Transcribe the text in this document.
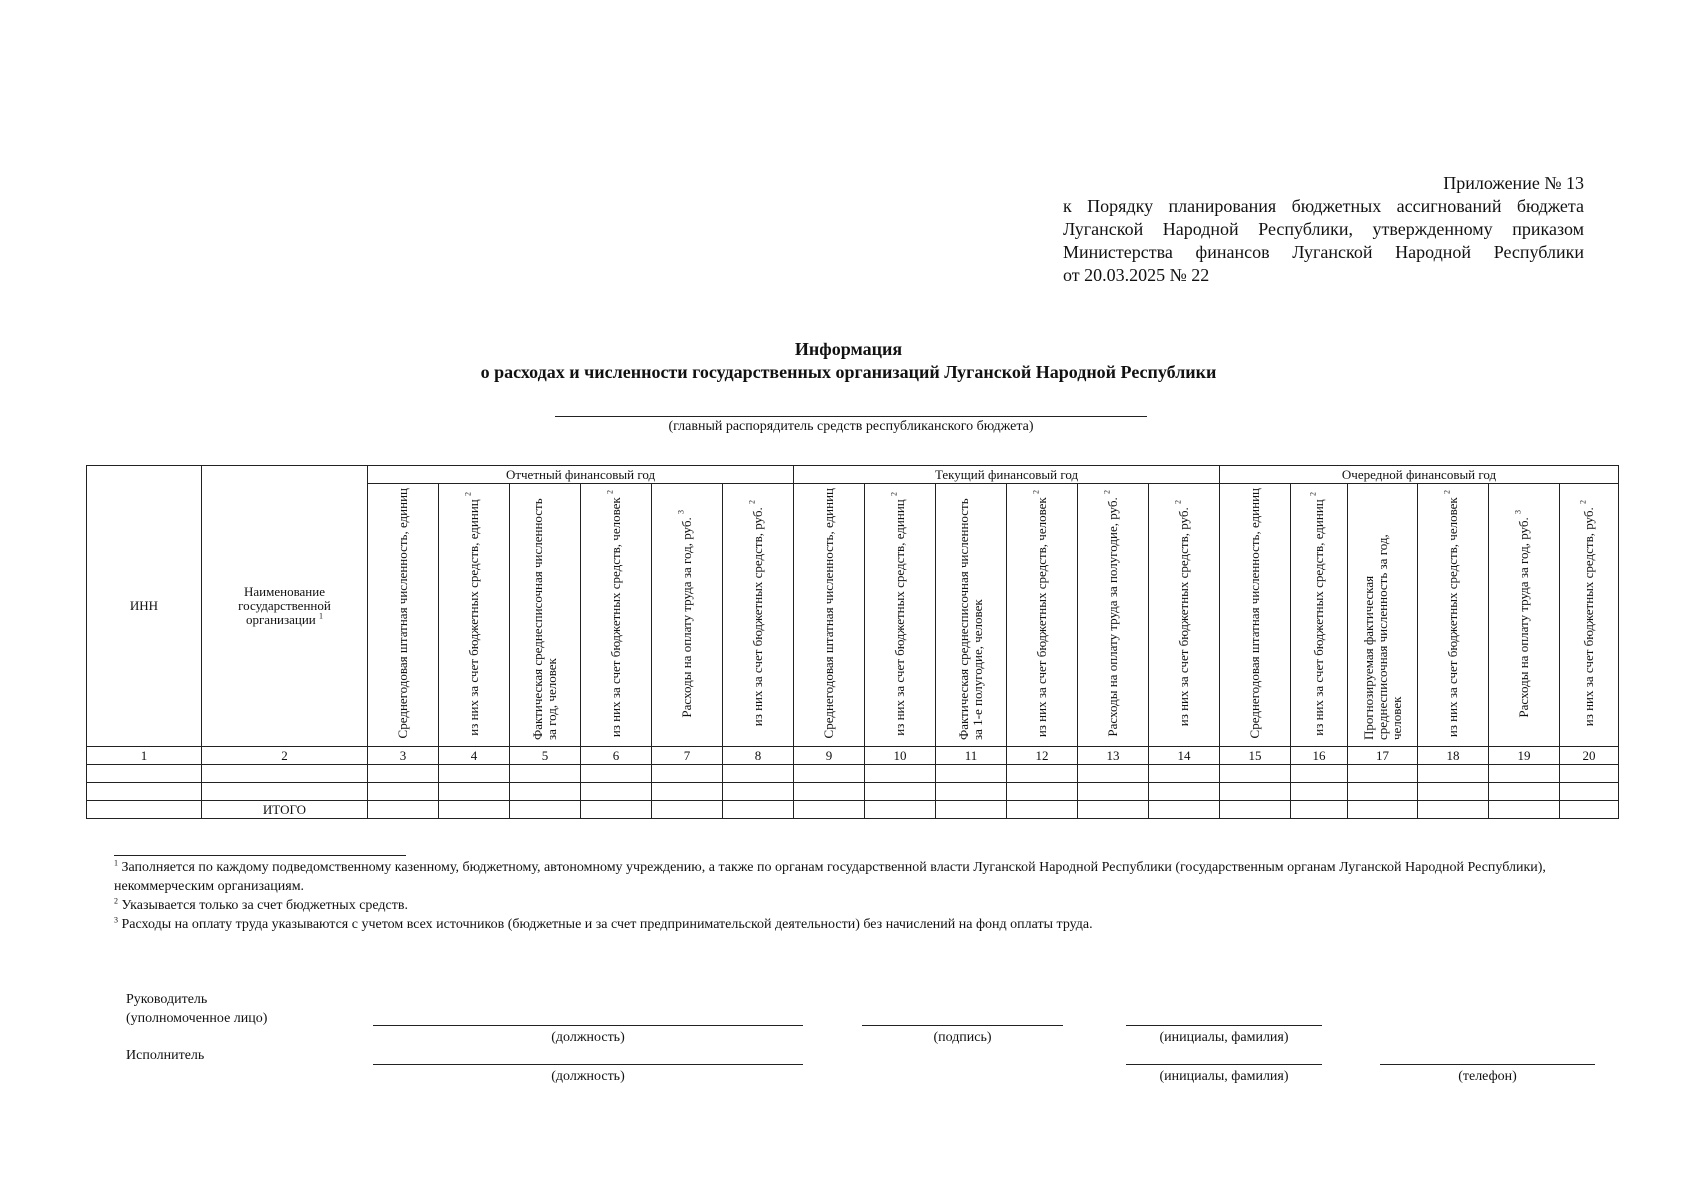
Приложение № 13
к Порядку планирования бюджетных ассигнований бюджета
Луганской Народной Республики, утвержденному приказом
Министерства финансов Луганской Народной Республики
от 20.03.2025 № 22
Информация
о расходах и численности государственных организаций Луганской Народной Республики
(главный распорядитель средств республиканского бюджета)
ИНН	Наименование государственной организации $^1$	Отчетный финансовый год						Текущий финансовый год						Очередной финансовый год					
		Среднегодовая штатная численность, единиц	из них за счет бюджетных средств, единиц $^2$	Фактическая среднесписочная численность за год, человек	из них за счет бюджетных средств, человек $^2$	Расходы на оплату труда за год, руб. $^3$	из них за счет бюджетных средств, руб. $^2$	Среднегодовая штатная численность, единиц	из них за счет бюджетных средств, единиц $^2$	Фактическая среднесписочная численность за 1-е полугодие, человек	из них за счет бюджетных средств, человек $^2$	Расходы на оплату труда за полугодие, руб. $^2$	из них за счет бюджетных средств, руб. $^2$	Среднегодовая штатная численность, единиц	из них за счет бюджетных средств, единиц $^2$	Прогнозируемая фактическая среднесписочная численность за год, человек	из них за счет бюджетных средств, человек $^2$	Расходы на оплату труда за год, руб. $^3$	из них за счет бюджетных средств, руб. $^2$
1	2	3	4	5	6	7	8	9	10	11	12	13	14	15	16	17	18	19	20

	ИТОГО																		
$^1$ Заполняется по каждому подведомственному казенному, бюджетному, автономному учреждению, а также по органам государственной власти Луганской Народной Республики (государственным органам Луганской Народной Республики), некоммерческим организациям.
$^2$ Указывается только за счет бюджетных средств.
$^3$ Расходы на оплату труда указываются с учетом всех источников (бюджетные и за счет предпринимательской деятельности) без начислений на фонд оплаты труда.
Руководитель
(уполномоченное лицо)
(должность)	(подпись)	(инициалы, фамилия)
Исполнитель
(должность)	(инициалы, фамилия)	(телефон)
